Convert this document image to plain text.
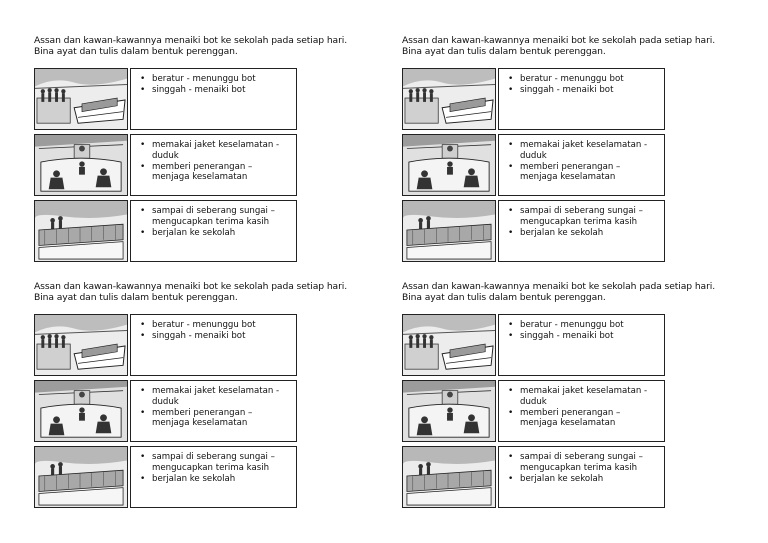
Assan dan kawan-kawannya menaiki bot ke sekolah pada setiap hari.
Bina ayat dan tulis dalam bentuk perenggan.
• beratur - menunggu bot
• singgah - menaiki bot
• memakai jaket keselamatan - duduk
• memberi penerangan – menjaga keselamatan
• sampai di seberang sungai – mengucapkan terima kasih
• berjalan ke sekolah
Assan dan kawan-kawannya menaiki bot ke sekolah pada setiap hari.
Bina ayat dan tulis dalam bentuk perenggan.
• beratur - menunggu bot
• singgah - menaiki bot
• memakai jaket keselamatan - duduk
• memberi penerangan – menjaga keselamatan
• sampai di seberang sungai – mengucapkan terima kasih
• berjalan ke sekolah
Assan dan kawan-kawannya menaiki bot ke sekolah pada setiap hari.
Bina ayat dan tulis dalam bentuk perenggan.
• beratur - menunggu bot
• singgah - menaiki bot
• memakai jaket keselamatan - duduk
• memberi penerangan – menjaga keselamatan
• sampai di seberang sungai – mengucapkan terima kasih
• berjalan ke sekolah
Assan dan kawan-kawannya menaiki bot ke sekolah pada setiap hari.
Bina ayat dan tulis dalam bentuk perenggan.
• beratur - menunggu bot
• singgah - menaiki bot
• memakai jaket keselamatan - duduk
• memberi penerangan – menjaga keselamatan
• sampai di seberang sungai – mengucapkan terima kasih
• berjalan ke sekolah
